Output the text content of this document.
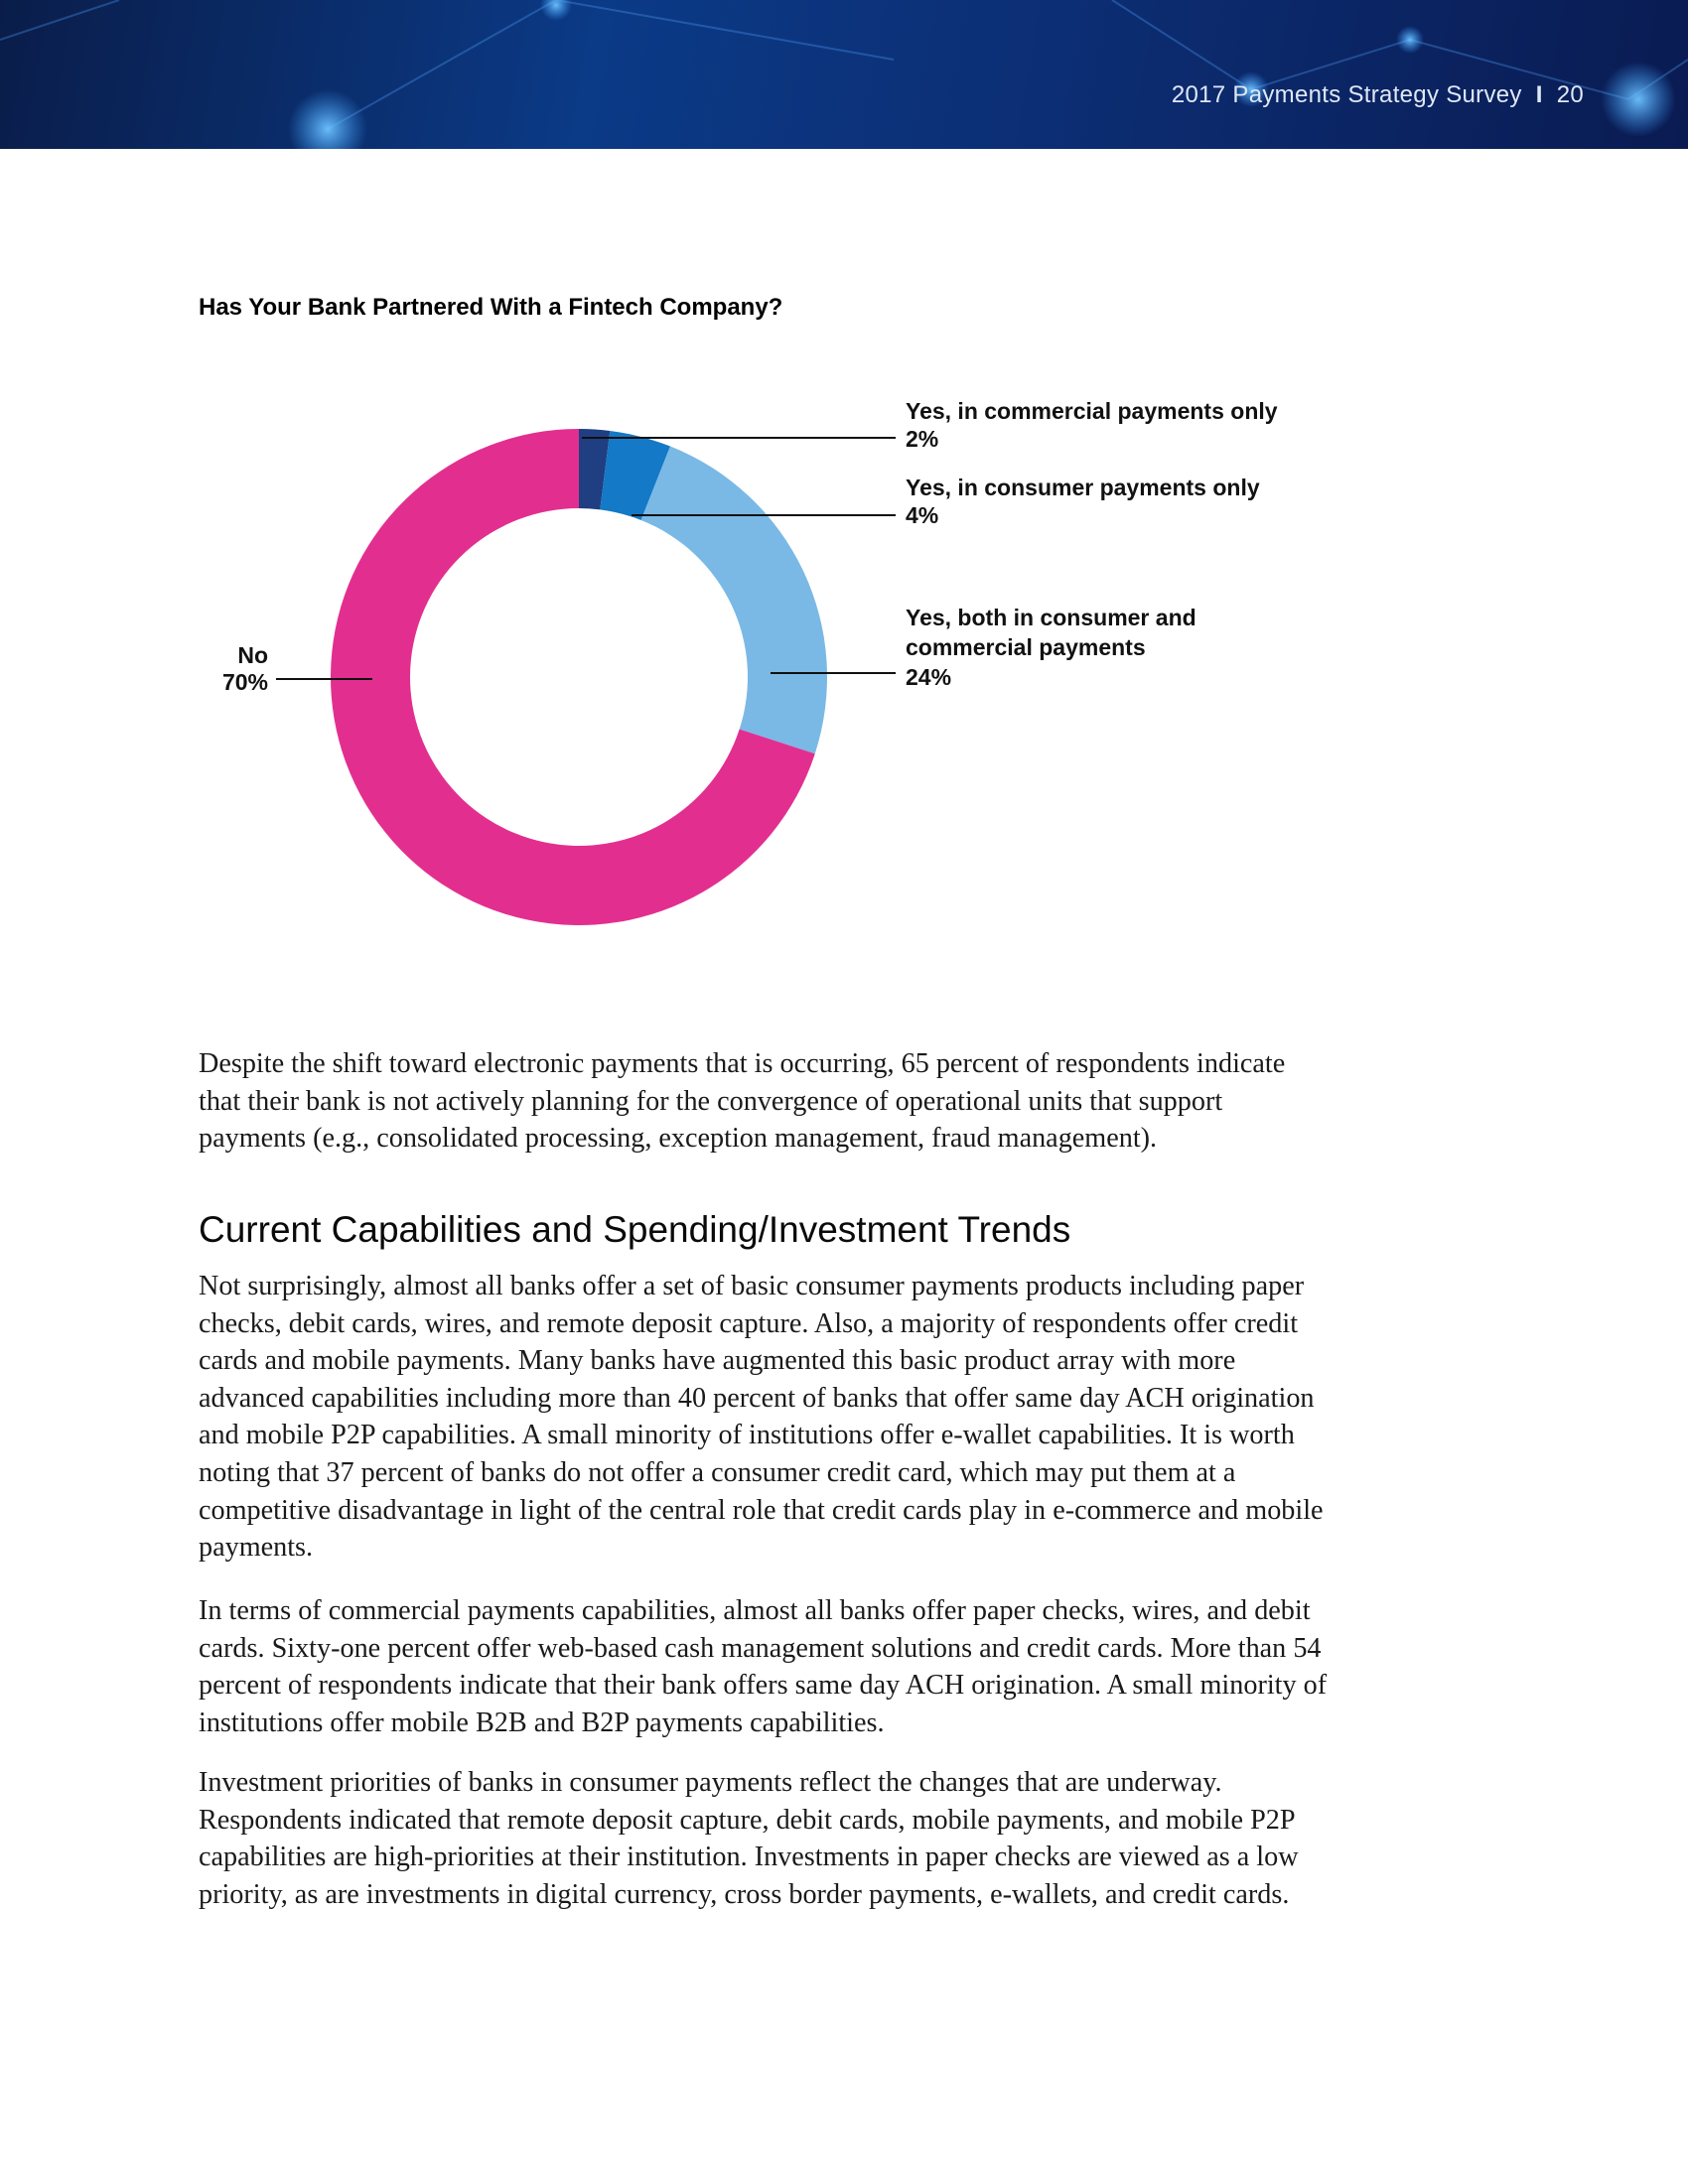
2017 Payments Strategy Survey I 20
Has Your Bank Partnered With a Fintech Company?
Yes, in commercial payments only
2%
Yes, in consumer payments only
4%
Yes, both in consumer and
commercial payments
24%
No
70%
Despite the shift toward electronic payments that is occurring, 65 percent of respondents indicate that their bank is not actively planning for the convergence of operational units that support payments (e.g., consolidated processing, exception management, fraud management).
Current Capabilities and Spending/Investment Trends
Not surprisingly, almost all banks offer a set of basic consumer payments products including paper checks, debit cards, wires, and remote deposit capture. Also, a majority of respondents offer credit cards and mobile payments. Many banks have augmented this basic product array with more advanced capabilities including more than 40 percent of banks that offer same day ACH origination and mobile P2P capabilities. A small minority of institutions offer e-wallet capabilities. It is worth noting that 37 percent of banks do not offer a consumer credit card, which may put them at a competitive disadvantage in light of the central role that credit cards play in e-commerce and mobile payments.
In terms of commercial payments capabilities, almost all banks offer paper checks, wires, and debit cards. Sixty-one percent offer web-based cash management solutions and credit cards. More than 54 percent of respondents indicate that their bank offers same day ACH origination. A small minority of institutions offer mobile B2B and B2P payments capabilities.
Investment priorities of banks in consumer payments reflect the changes that are underway. Respondents indicated that remote deposit capture, debit cards, mobile payments, and mobile P2P capabilities are high-priorities at their institution. Investments in paper checks are viewed as a low priority, as are investments in digital currency, cross border payments, e-wallets, and credit cards.
